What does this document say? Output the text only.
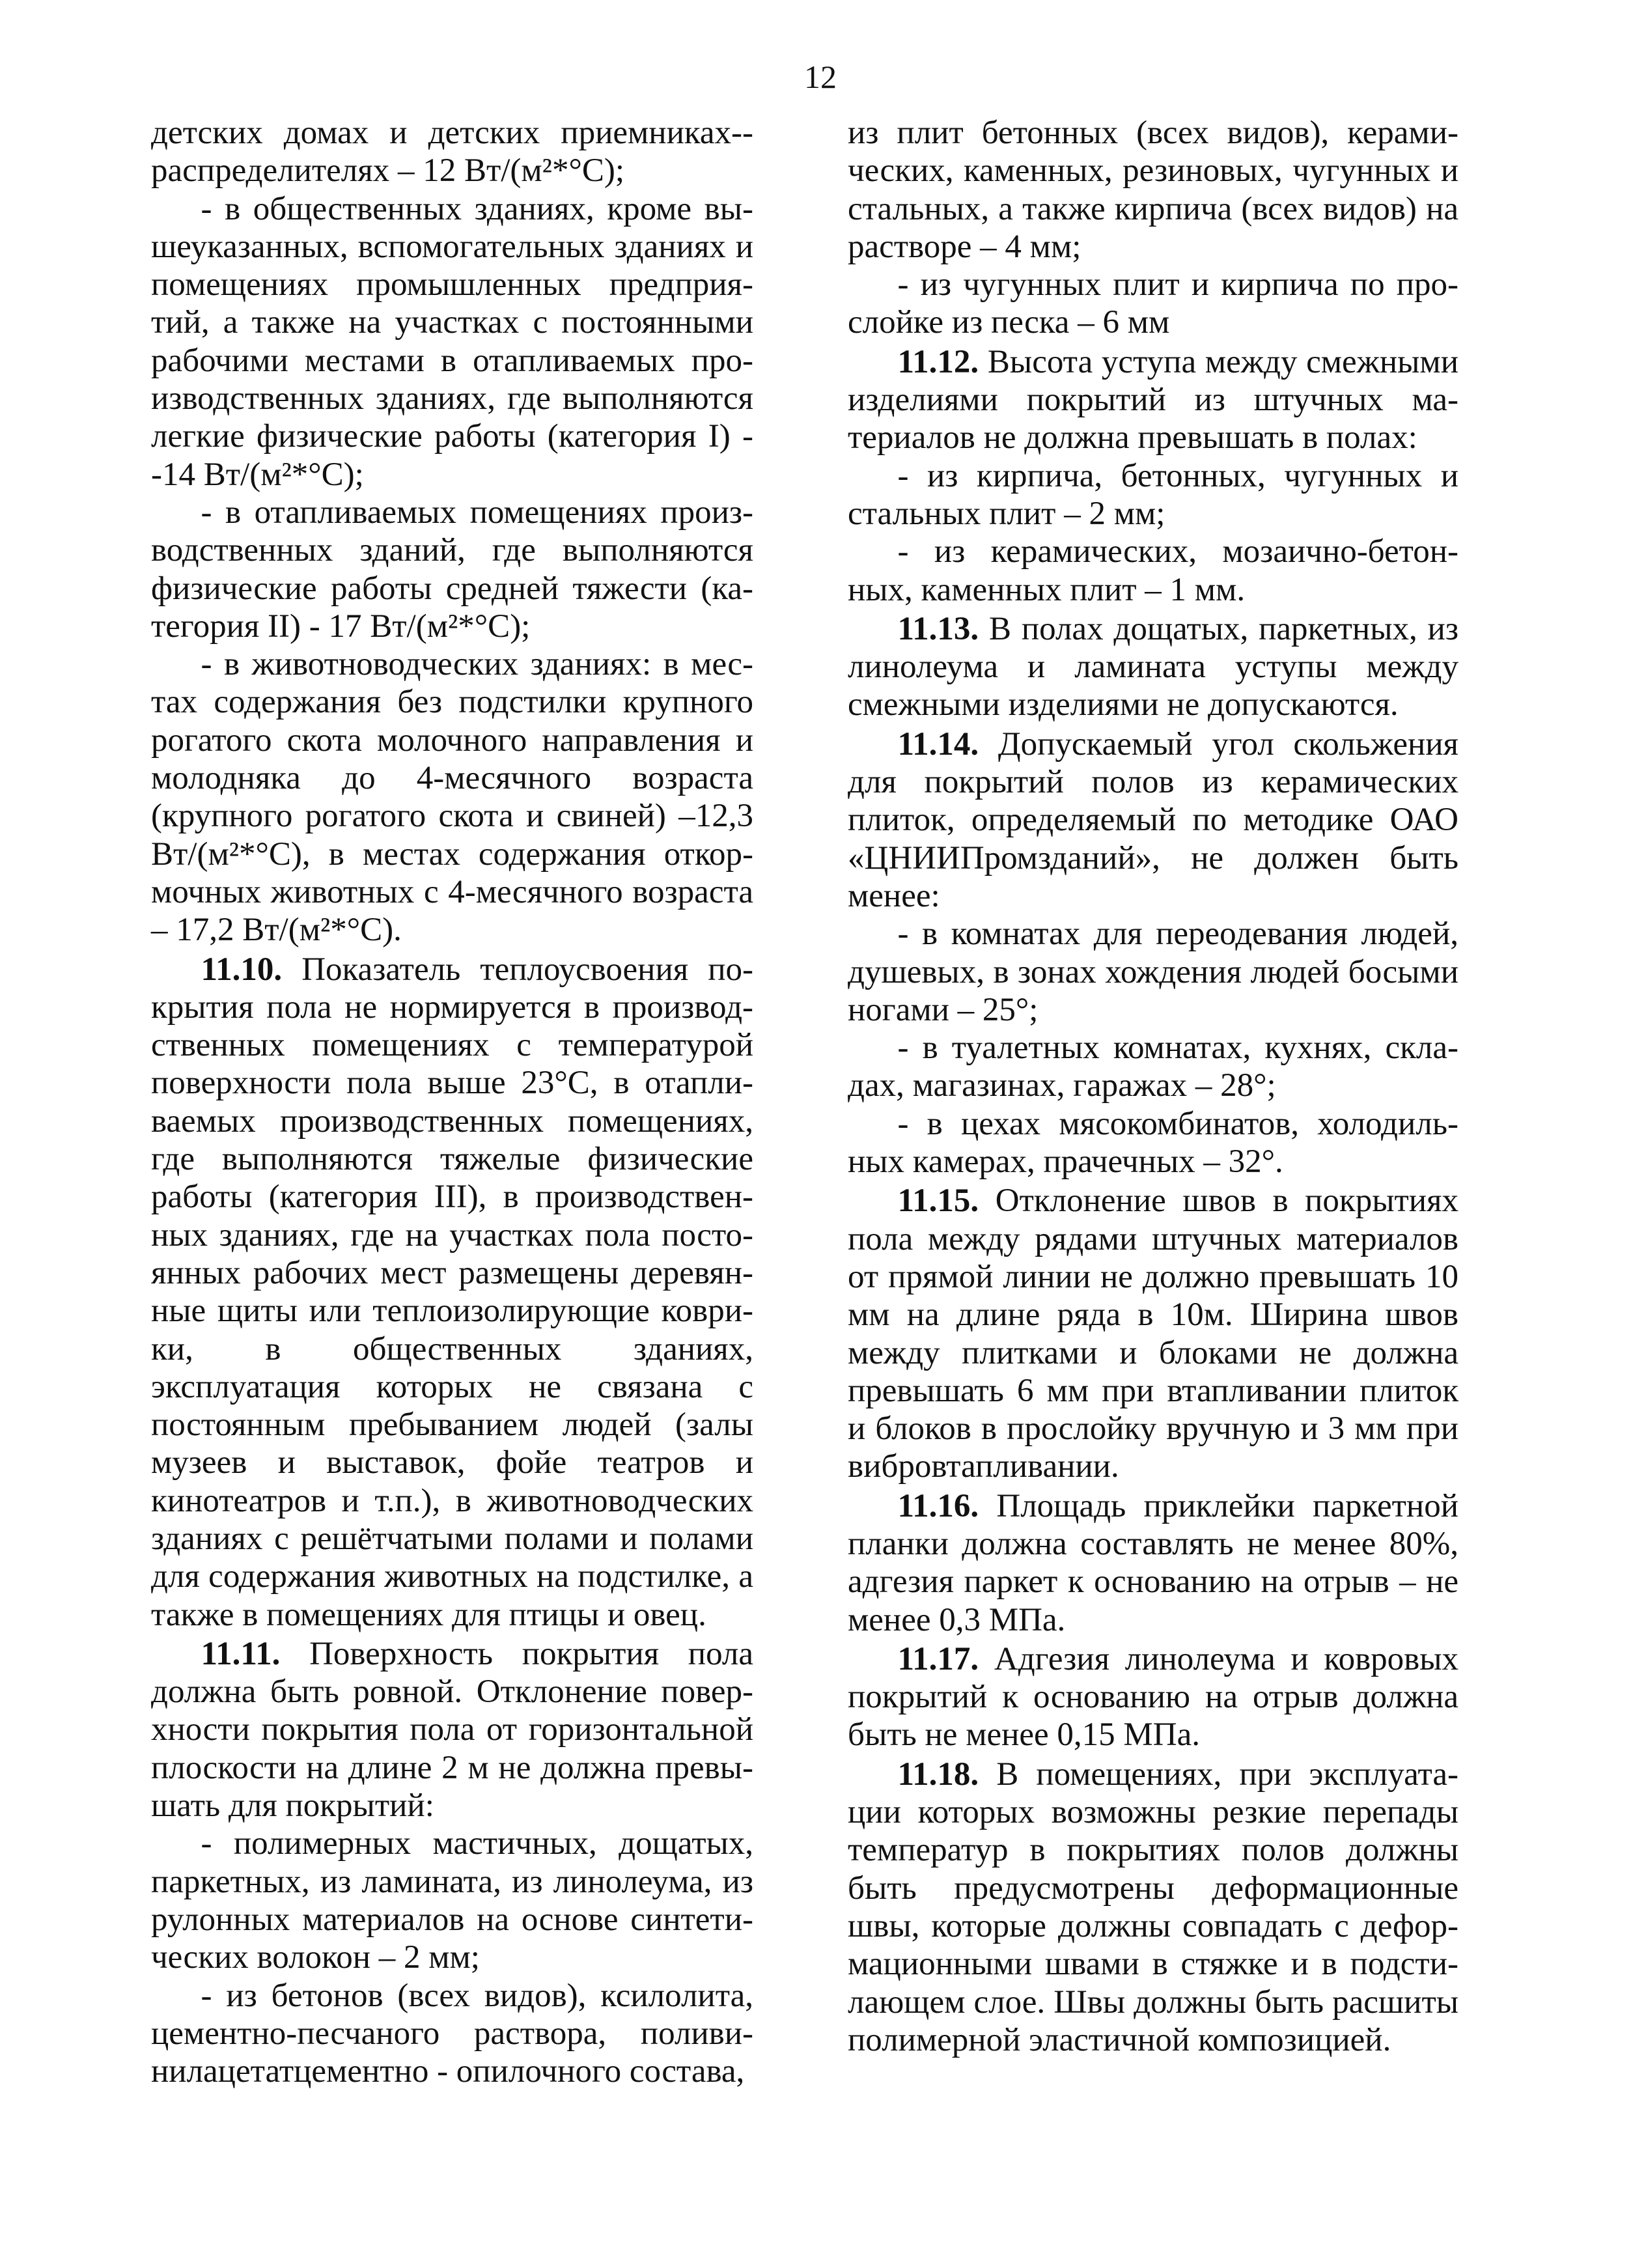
12

детских домах и детских приемниках-распределителях – 12 Вт/(м²*°С);

- в общественных зданиях, кроме вышеуказанных, вспомогательных зданиях и помещениях промышленных предприятий, а также на участках с постоянными рабочими местами в отапливаемых производственных зданиях, где выполняются легкие физические работы (категория I) - -14 Вт/(м²*°С);

- в отапливаемых помещениях производственных зданий, где выполняются физические работы средней тяжести (категория II) - 17 Вт/(м²*°С);

- в животноводческих зданиях: в местах содержания без подстилки крупного рогатого скота молочного направления и молодняка до 4-месячного возраста (крупного рогатого скота и свиней) –12,3 Вт/(м²*°С), в местах содержания откормочных животных с 4-месячного возраста – 17,2 Вт/(м²*°С).

11.10. Показатель теплоусвоения покрытия пола не нормируется в производственных помещениях с температурой поверхности пола выше 23°С, в отапливаемых производственных помещениях, где выполняются тяжелые физические работы (категория III), в производственных зданиях, где на участках пола постоянных рабочих мест размещены деревянные щиты или теплоизолирующие коврики, в общественных зданиях, эксплуатация которых не связана с постоянным пребыванием людей (залы музеев и выставок, фойе театров и кинотеатров и т.п.), в животноводческих зданиях с решётчатыми полами и полами для содержания животных на подстилке, а также в помещениях для птицы и овец.

11.11. Поверхность покрытия пола должна быть ровной. Отклонение поверхности покрытия пола от горизонтальной плоскости на длине 2 м не должна превышать для покрытий:

- полимерных мастичных, дощатых, паркетных, из ламината, из линолеума, из рулонных материалов на основе синтетических волокон – 2 мм;

- из бетонов (всех видов), ксилолита, цементно-песчаного раствора, поливинилацетатцементно - опилочного состава,

из плит бетонных (всех видов), керамических, каменных, резиновых, чугунных и стальных, а также кирпича (всех видов) на растворе – 4 мм;

- из чугунных плит и кирпича по прослойке из песка – 6 мм

11.12. Высота уступа между смежными изделиями покрытий из штучных материалов не должна превышать в полах:

- из кирпича, бетонных, чугунных и стальных плит – 2 мм;

- из керамических, мозаично-бетонных, каменных плит – 1 мм.

11.13. В полах дощатых, паркетных, из линолеума и ламината уступы между смежными изделиями не допускаются.

11.14. Допускаемый угол скольжения для покрытий полов из керамических плиток, определяемый по методике ОАО «ЦНИИПромзданий», не должен быть менее:

- в комнатах для переодевания людей, душевых, в зонах хождения людей босыми ногами – 25°;

- в туалетных комнатах, кухнях, складах, магазинах, гаражах – 28°;

- в цехах мясокомбинатов, холодильных камерах, прачечных – 32°.

11.15. Отклонение швов в покрытиях пола между рядами штучных материалов от прямой линии не должно превышать 10 мм на длине ряда в 10м. Ширина швов между плитками и блоками не должна превышать 6 мм при втапливании плиток и блоков в прослойку вручную и 3 мм при вибровтапливании.

11.16. Площадь приклейки паркетной планки должна составлять не менее 80%, адгезия паркет к основанию на отрыв – не менее 0,3 МПа.

11.17. Адгезия линолеума и ковровых покрытий к основанию на отрыв должна быть не менее 0,15 МПа.

11.18. В помещениях, при эксплуатации которых возможны резкие перепады температур в покрытиях полов должны быть предусмотрены деформационные швы, которые должны совпадать с деформационными швами в стяжке и в подстилающем слое. Швы должны быть расшиты полимерной эластичной композицией.
